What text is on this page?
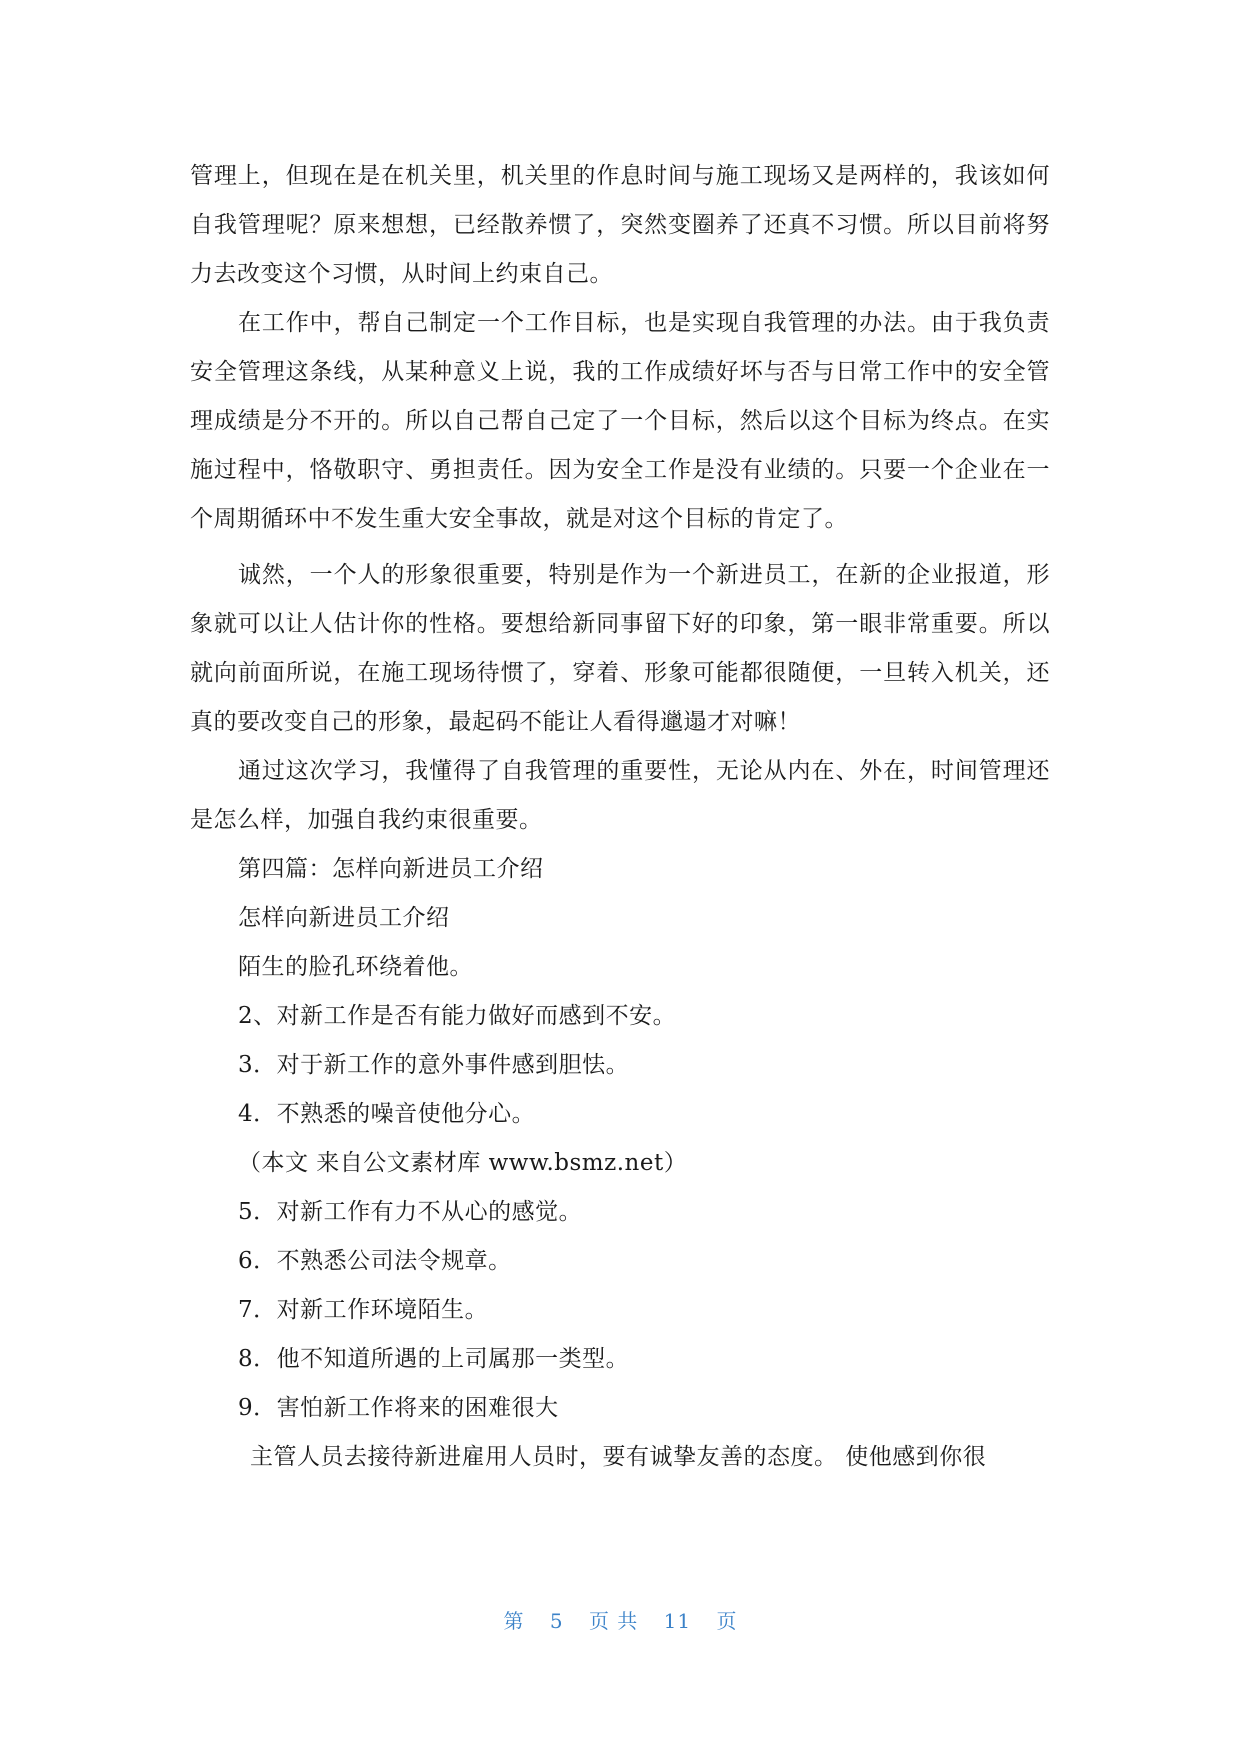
管理上，但现在是在机关里，机关里的作息时间与施工现场又是两样的，我该如何自我管理呢？原来想想，已经散养惯了，突然变圈养了还真不习惯。所以目前将努力去改变这个习惯，从时间上约束自己。

在工作中，帮自己制定一个工作目标，也是实现自我管理的办法。由于我负责安全管理这条线，从某种意义上说，我的工作成绩好坏与否与日常工作中的安全管理成绩是分不开的。所以自己帮自己定了一个目标，然后以这个目标为终点。在实施过程中，恪敬职守、勇担责任。因为安全工作是没有业绩的。只要一个企业在一个周期循环中不发生重大安全事故，就是对这个目标的肯定了。

诚然，一个人的形象很重要，特别是作为一个新进员工，在新的企业报道，形象就可以让人估计你的性格。要想给新同事留下好的印象，第一眼非常重要。所以就向前面所说，在施工现场待惯了，穿着、形象可能都很随便，一旦转入机关，还真的要改变自己的形象，最起码不能让人看得邋遢才对嘛！

通过这次学习，我懂得了自我管理的重要性，无论从内在、外在，时间管理还是怎么样，加强自我约束很重要。

第四篇：怎样向新进员工介绍

怎样向新进员工介绍

陌生的脸孔环绕着他。

2、对新工作是否有能力做好而感到不安。

3．对于新工作的意外事件感到胆怯。

4．不熟悉的噪音使他分心。

（本文 来自公文素材库 www.bsmz.net）

5．对新工作有力不从心的感觉。

6．不熟悉公司法令规章。

7．对新工作环境陌生。

8．他不知道所遇的上司属那一类型。

9．害怕新工作将来的困难很大

主管人员去接待新进雇用人员时，要有诚挚友善的态度。 使他感到你很

第 5 页 共 11 页
